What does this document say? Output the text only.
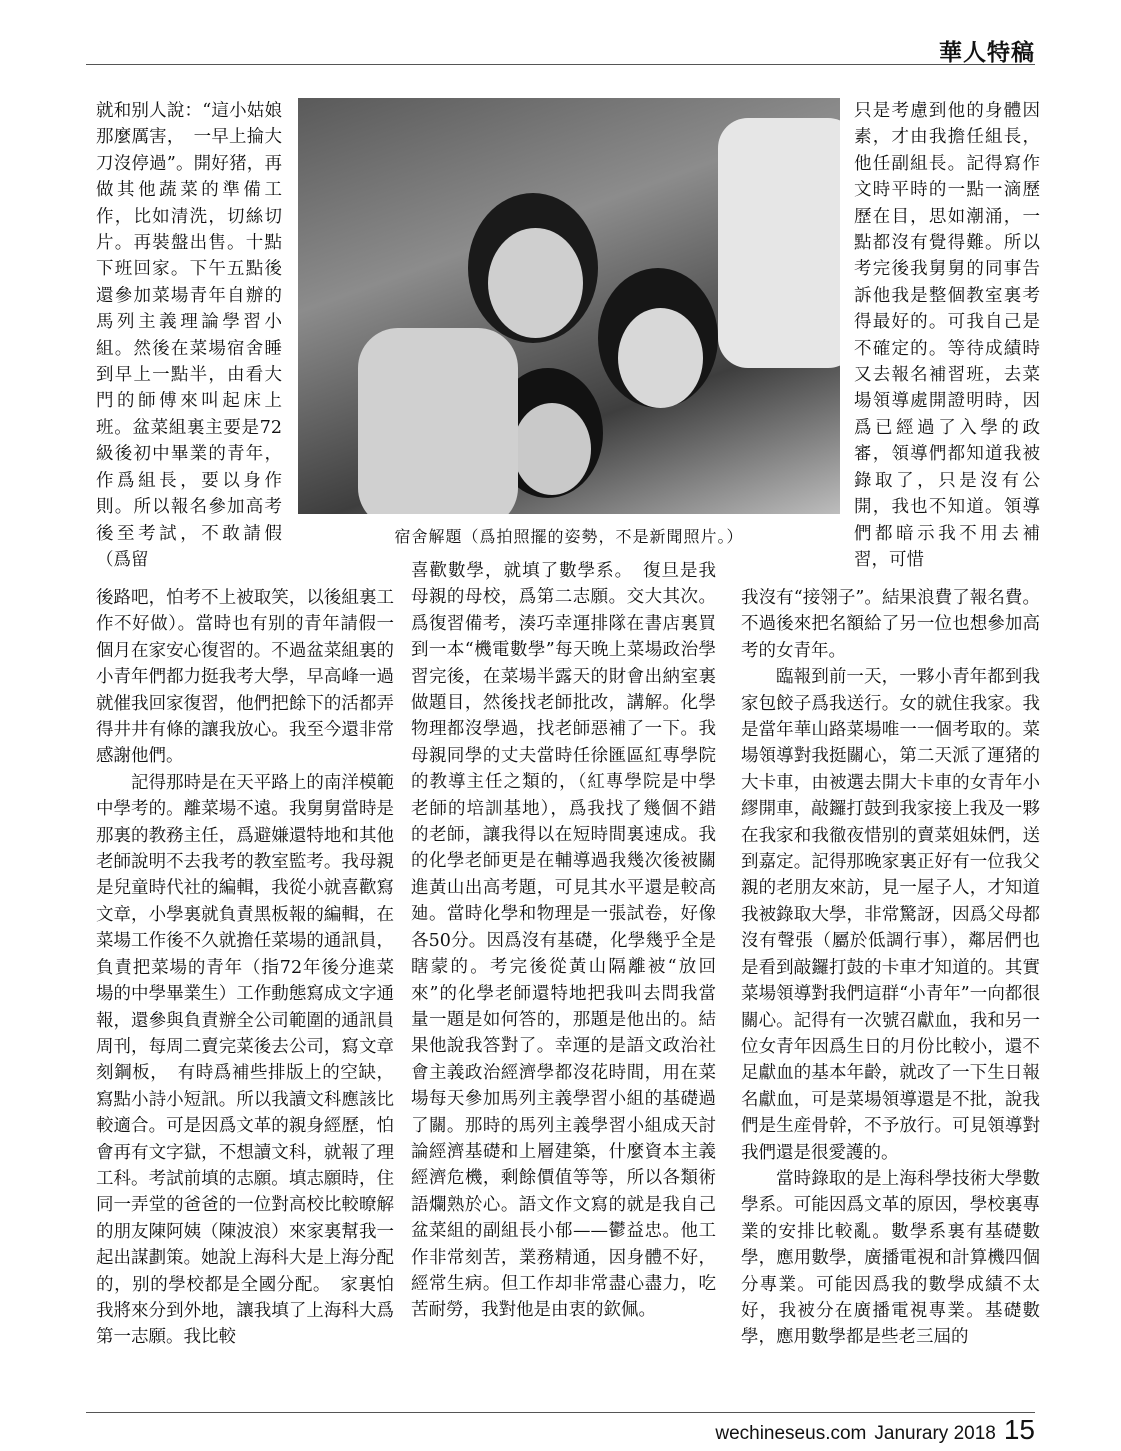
華人特稿

就和别人說：“這小姑娘那麼厲害，　一早上掄大刀沒停過”。開好猪，再做其他蔬菜的準備工作，比如清洗，切絲切片。再裝盤出售。十點下班回家。下午五點後還參加菜場青年自辦的馬列主義理論學習小組。然後在菜場宿舍睡到早上一點半，由看大門的師傅來叫起床上班。盆菜組裏主要是72級後初中畢業的青年，作爲組長，要以身作則。所以報名參加高考後至考試，不敢請假（爲留

後路吧，怕考不上被取笑，以後組裏工作不好做）。當時也有别的青年請假一個月在家安心復習的。不過盆菜組裏的小青年們都力挺我考大學，早高峰一過就催我回家復習，他們把餘下的活都弄得井井有條的讓我放心。我至今還非常感謝他們。

記得那時是在天平路上的南洋模範中學考的。離菜場不遠。我舅舅當時是那裏的教務主任，爲避嫌還特地和其他老師說明不去我考的教室監考。我母親是兒童時代社的編輯，我從小就喜歡寫文章，小學裏就負責黑板報的編輯，在菜場工作後不久就擔任菜場的通訊員，負責把菜場的青年（指72年後分進菜場的中學畢業生）工作動態寫成文字通報，還參與負責辦全公司範圍的通訊員周刊，每周二賣完菜後去公司，寫文章刻鋼板，　有時爲補些排版上的空缺，寫點小詩小短訊。所以我讀文科應該比較適合。可是因爲文革的親身經歷，怕會再有文字獄，不想讀文科，就報了理工科。考試前填的志願。填志願時，住同一弄堂的爸爸的一位對高校比較暸解的朋友陳阿姨（陳波浪）來家裏幫我一起出謀劃策。她說上海科大是上海分配的，别的學校都是全國分配。　家裏怕我將來分到外地，讓我填了上海科大爲第一志願。我比較

宿舍解題（爲拍照擺的姿勢，不是新聞照片。）

喜歡數學，就填了數學系。　復旦是我母親的母校，爲第二志願。交大其次。爲復習備考，湊巧幸運排隊在書店裏買到一本“機電數學”每天晚上菜場政治學習完後，在菜場半露天的財會出納室裏做題目，然後找老師批改，講解。化學物理都沒學過，找老師惡補了一下。我母親同學的丈夫當時任徐匯區紅專學院的教導主任之類的，（紅專學院是中學老師的培訓基地），爲我找了幾個不錯的老師，讓我得以在短時間裏速成。我的化學老師更是在輔導過我幾次後被關進黃山出高考題，可見其水平還是較高廸。當時化學和物理是一張試卷，好像各50分。因爲沒有基礎，化學幾乎全是瞎蒙的。考完後從黃山隔離被“放回來”的化學老師還特地把我叫去問我當量一題是如何答的，那題是他出的。結果他說我答對了。幸運的是語文政治社會主義政治經濟學都沒花時間，用在菜場每天參加馬列主義學習小組的基礎過了關。那時的馬列主義學習小組成天討論經濟基礎和上層建築，什麼資本主義經濟危機，剩餘價值等等，所以各類術語爛熟於心。語文作文寫的就是我自己盆菜組的副組長小郁——鬱益忠。他工作非常刻苦，業務精通，因身體不好，經常生病。但工作却非常盡心盡力，吃苦耐勞，我對他是由衷的欽佩。

只是考慮到他的身體因素，才由我擔任組長，他任副組長。記得寫作文時平時的一點一滴歷歷在目，思如潮涌，一點都沒有覺得難。所以考完後我舅舅的同事告訴他我是整個教室裏考得最好的。可我自己是不確定的。等待成績時又去報名補習班，去菜場領導處開證明時，因爲已經過了入學的政審，領導們都知道我被錄取了，只是沒有公開，我也不知道。領導們都暗示我不用去補習，可惜

我沒有“接翎子”。結果浪費了報名費。不過後來把名額給了另一位也想參加高考的女青年。

臨報到前一天，一夥小青年都到我家包餃子爲我送行。女的就住我家。我是當年華山路菜場唯一一個考取的。菜場領導對我挺關心，第二天派了運猪的大卡車，由被選去開大卡車的女青年小繆開車，敲鑼打鼓到我家接上我及一夥在我家和我徹夜惜别的賣菜姐妹們，送到嘉定。記得那晚家裏正好有一位我父親的老朋友來訪，見一屋子人，才知道我被錄取大學，非常驚訝，因爲父母都沒有聲張（屬於低調行事），鄰居們也是看到敲鑼打鼓的卡車才知道的。其實菜場領導對我們這群“小青年”一向都很關心。記得有一次號召獻血，我和另一位女青年因爲生日的月份比較小，還不足獻血的基本年齡，就改了一下生日報名獻血，可是菜場領導還是不批，說我們是生産骨幹，不予放行。可見領導對我們還是很愛護的。

當時錄取的是上海科學技術大學數學系。可能因爲文革的原因，學校裏專業的安排比較亂。數學系裏有基礎數學，應用數學，廣播電視和計算機四個分專業。可能因爲我的數學成績不太好，我被分在廣播電視專業。基礎數學，應用數學都是些老三屆的

wechineseus.com Janurary 2018 15
